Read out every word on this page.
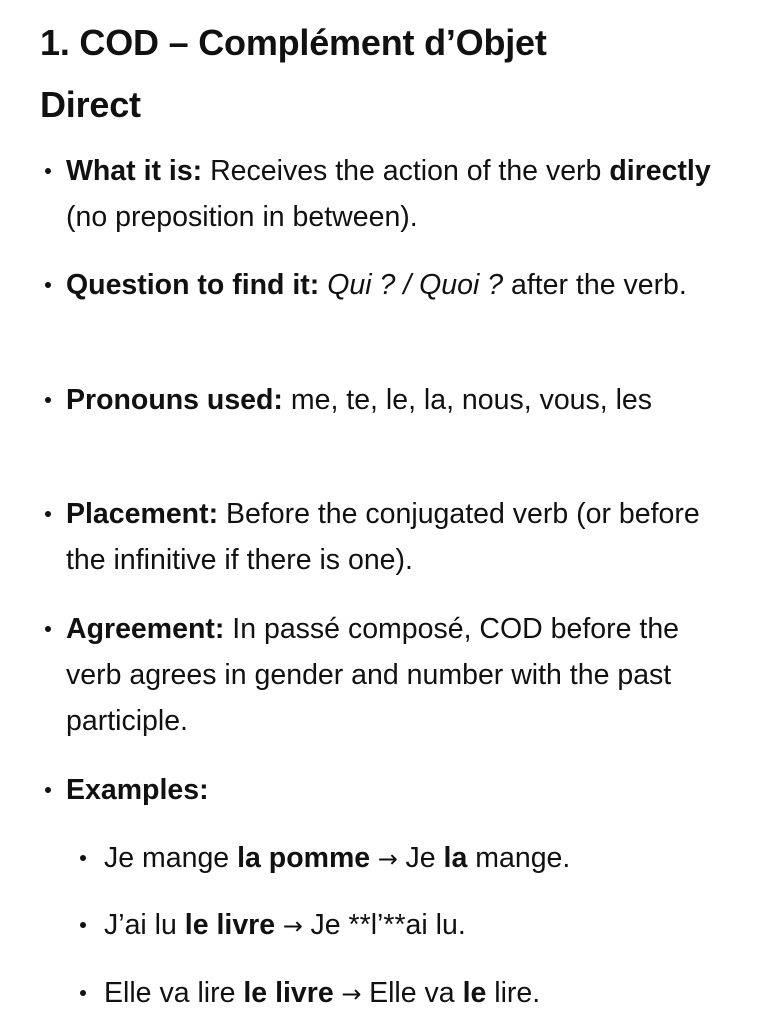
1. COD – Complément d’Objet
Direct
What it is: Receives the action of the verb directly (no preposition in between).
Question to find it: Qui ? / Quoi ? after the verb.
Pronouns used: me, te, le, la, nous, vous, les
Placement: Before the conjugated verb (or before the infinitive if there is one).
Agreement: In passé composé, COD before the verb agrees in gender and number with the past participle.
Examples:
Je mange la pomme → Je la mange.
J’ai lu le livre → Je **l’**ai lu.
Elle va lire le livre → Elle va le lire.
